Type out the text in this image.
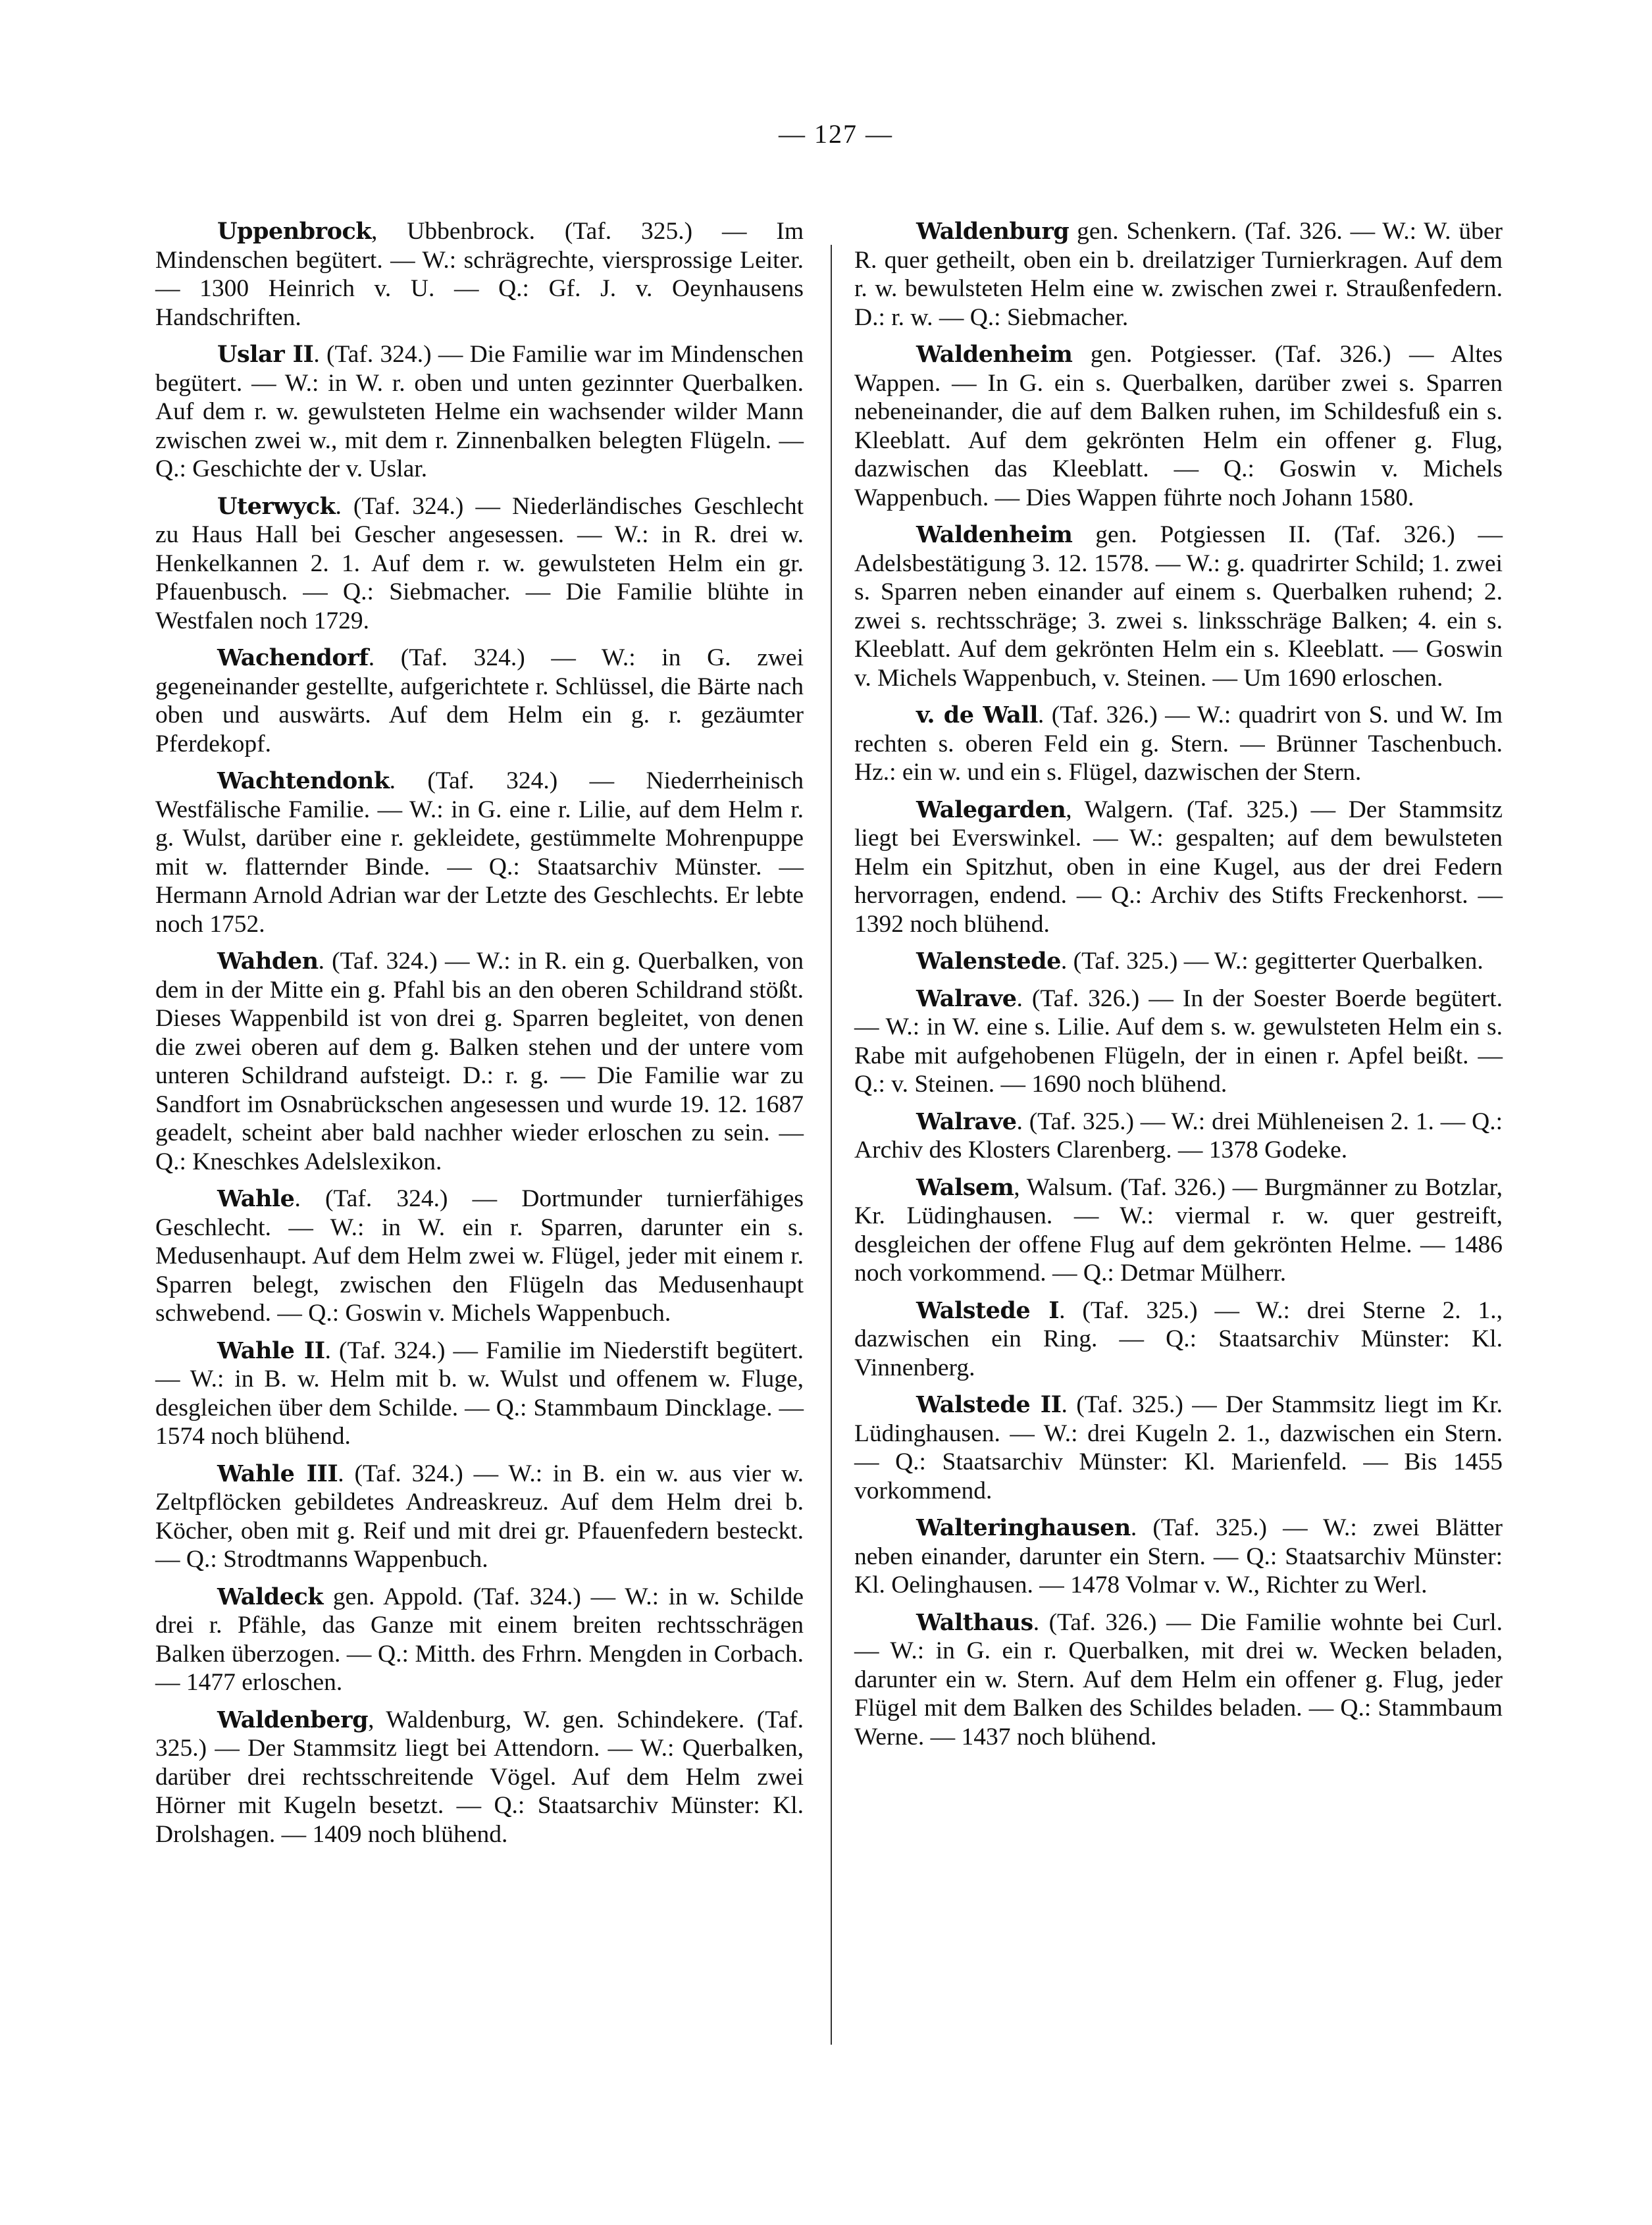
— 127 —

Uppenbrock, Ubbenbrock. (Taf. 325.) — Im Mindenschen begütert. — W.: schrägrechte, viersprossige Leiter. — 1300 Heinrich v. U. — Q.: Gf. J. v. Oeynhausens Handschriften.

Uslar II. (Taf. 324.) — Die Familie war im Mindenschen begütert. — W.: in W. r. oben und unten gezinnter Querbalken. Auf dem r. w. gewulsteten Helme ein wachsender wilder Mann zwischen zwei w., mit dem r. Zinnenbalken belegten Flügeln. — Q.: Geschichte der v. Uslar.

Uterwyck. (Taf. 324.) — Niederländisches Geschlecht zu Haus Hall bei Gescher angesessen. — W.: in R. drei w. Henkelkannen 2. 1. Auf dem r. w. gewulsteten Helm ein gr. Pfauenbusch. — Q.: Siebmacher. — Die Familie blühte in Westfalen noch 1729.

Wachendorf. (Taf. 324.) — W.: in G. zwei gegeneinander gestellte, aufgerichtete r. Schlüssel, die Bärte nach oben und auswärts. Auf dem Helm ein g. r. gezäumter Pferdekopf.

Wachtendonk. (Taf. 324.) — Niederrheinisch Westfälische Familie. — W.: in G. eine r. Lilie, auf dem Helm r. g. Wulst, darüber eine r. gekleidete, gestümmelte Mohrenpuppe mit w. flatternder Binde. — Q.: Staatsarchiv Münster. — Hermann Arnold Adrian war der Letzte des Geschlechts. Er lebte noch 1752.

Wahden. (Taf. 324.) — W.: in R. ein g. Querbalken, von dem in der Mitte ein g. Pfahl bis an den oberen Schildrand stößt. Dieses Wappenbild ist von drei g. Sparren begleitet, von denen die zwei oberen auf dem g. Balken stehen und der untere vom unteren Schildrand aufsteigt. D.: r. g. — Die Familie war zu Sandfort im Osnabrückschen angesessen und wurde 19. 12. 1687 geadelt, scheint aber bald nachher wieder erloschen zu sein. — Q.: Kneschkes Adelslexikon.

Wahle. (Taf. 324.) — Dortmunder turnierfähiges Geschlecht. — W.: in W. ein r. Sparren, darunter ein s. Medusenhaupt. Auf dem Helm zwei w. Flügel, jeder mit einem r. Sparren belegt, zwischen den Flügeln das Medusenhaupt schwebend. — Q.: Goswin v. Michels Wappenbuch.

Wahle II. (Taf. 324.) — Familie im Niederstift begütert. — W.: in B. w. Helm mit b. w. Wulst und offenem w. Fluge, desgleichen über dem Schilde. — Q.: Stammbaum Dincklage. — 1574 noch blühend.

Wahle III. (Taf. 324.) — W.: in B. ein w. aus vier w. Zeltpflöcken gebildetes Andreaskreuz. Auf dem Helm drei b. Köcher, oben mit g. Reif und mit drei gr. Pfauenfedern besteckt. — Q.: Strodtmanns Wappenbuch.

Waldeck gen. Appold. (Taf. 324.) — W.: in w. Schilde drei r. Pfähle, das Ganze mit einem breiten rechtsschrägen Balken überzogen. — Q.: Mitth. des Frhrn. Mengden in Corbach. — 1477 erloschen.

Waldenberg, Waldenburg, W. gen. Schindekere. (Taf. 325.) — Der Stammsitz liegt bei Attendorn. — W.: Querbalken, darüber drei rechtsschreitende Vögel. Auf dem Helm zwei Hörner mit Kugeln besetzt. — Q.: Staatsarchiv Münster: Kl. Drolshagen. — 1409 noch blühend.

Waldenburg gen. Schenkern. (Taf. 326. — W.: W. über R. quer getheilt, oben ein b. dreilatziger Turnierkragen. Auf dem r. w. bewulsteten Helm eine w. zwischen zwei r. Straußenfedern. D.: r. w. — Q.: Siebmacher.

Waldenheim gen. Potgiesser. (Taf. 326.) — Altes Wappen. — In G. ein s. Querbalken, darüber zwei s. Sparren nebeneinander, die auf dem Balken ruhen, im Schildesfuß ein s. Kleeblatt. Auf dem gekrönten Helm ein offener g. Flug, dazwischen das Kleeblatt. — Q.: Goswin v. Michels Wappenbuch. — Dies Wappen führte noch Johann 1580.

Waldenheim gen. Potgiessen II. (Taf. 326.) — Adelsbestätigung 3. 12. 1578. — W.: g. quadrirter Schild; 1. zwei s. Sparren neben einander auf einem s. Querbalken ruhend; 2. zwei s. rechtsschräge; 3. zwei s. linksschräge Balken; 4. ein s. Kleeblatt. Auf dem gekrönten Helm ein s. Kleeblatt. — Goswin v. Michels Wappenbuch, v. Steinen. — Um 1690 erloschen.

v. de Wall. (Taf. 326.) — W.: quadrirt von S. und W. Im rechten s. oberen Feld ein g. Stern. — Brünner Taschenbuch. Hz.: ein w. und ein s. Flügel, dazwischen der Stern.

Walegarden, Walgern. (Taf. 325.) — Der Stammsitz liegt bei Everswinkel. — W.: gespalten; auf dem bewulsteten Helm ein Spitzhut, oben in eine Kugel, aus der drei Federn hervorragen, endend. — Q.: Archiv des Stifts Freckenhorst. — 1392 noch blühend.

Walenstede. (Taf. 325.) — W.: gegitterter Querbalken.

Walrave. (Taf. 326.) — In der Soester Boerde begütert. — W.: in W. eine s. Lilie. Auf dem s. w. gewulsteten Helm ein s. Rabe mit aufgehobenen Flügeln, der in einen r. Apfel beißt. — Q.: v. Steinen. — 1690 noch blühend.

Walrave. (Taf. 325.) — W.: drei Mühleneisen 2. 1. — Q.: Archiv des Klosters Clarenberg. — 1378 Godeke.

Walsem, Walsum. (Taf. 326.) — Burgmänner zu Botzlar, Kr. Lüdinghausen. — W.: viermal r. w. quer gestreift, desgleichen der offene Flug auf dem gekrönten Helme. — 1486 noch vorkommend. — Q.: Detmar Mülherr.

Walstede I. (Taf. 325.) — W.: drei Sterne 2. 1., dazwischen ein Ring. — Q.: Staatsarchiv Münster: Kl. Vinnenberg.

Walstede II. (Taf. 325.) — Der Stammsitz liegt im Kr. Lüdinghausen. — W.: drei Kugeln 2. 1., dazwischen ein Stern. — Q.: Staatsarchiv Münster: Kl. Marienfeld. — Bis 1455 vorkommend.

Walteringhausen. (Taf. 325.) — W.: zwei Blätter neben einander, darunter ein Stern. — Q.: Staatsarchiv Münster: Kl. Oelinghausen. — 1478 Volmar v. W., Richter zu Werl.

Walthaus. (Taf. 326.) — Die Familie wohnte bei Curl. — W.: in G. ein r. Querbalken, mit drei w. Wecken beladen, darunter ein w. Stern. Auf dem Helm ein offener g. Flug, jeder Flügel mit dem Balken des Schildes beladen. — Q.: Stammbaum Werne. — 1437 noch blühend.
